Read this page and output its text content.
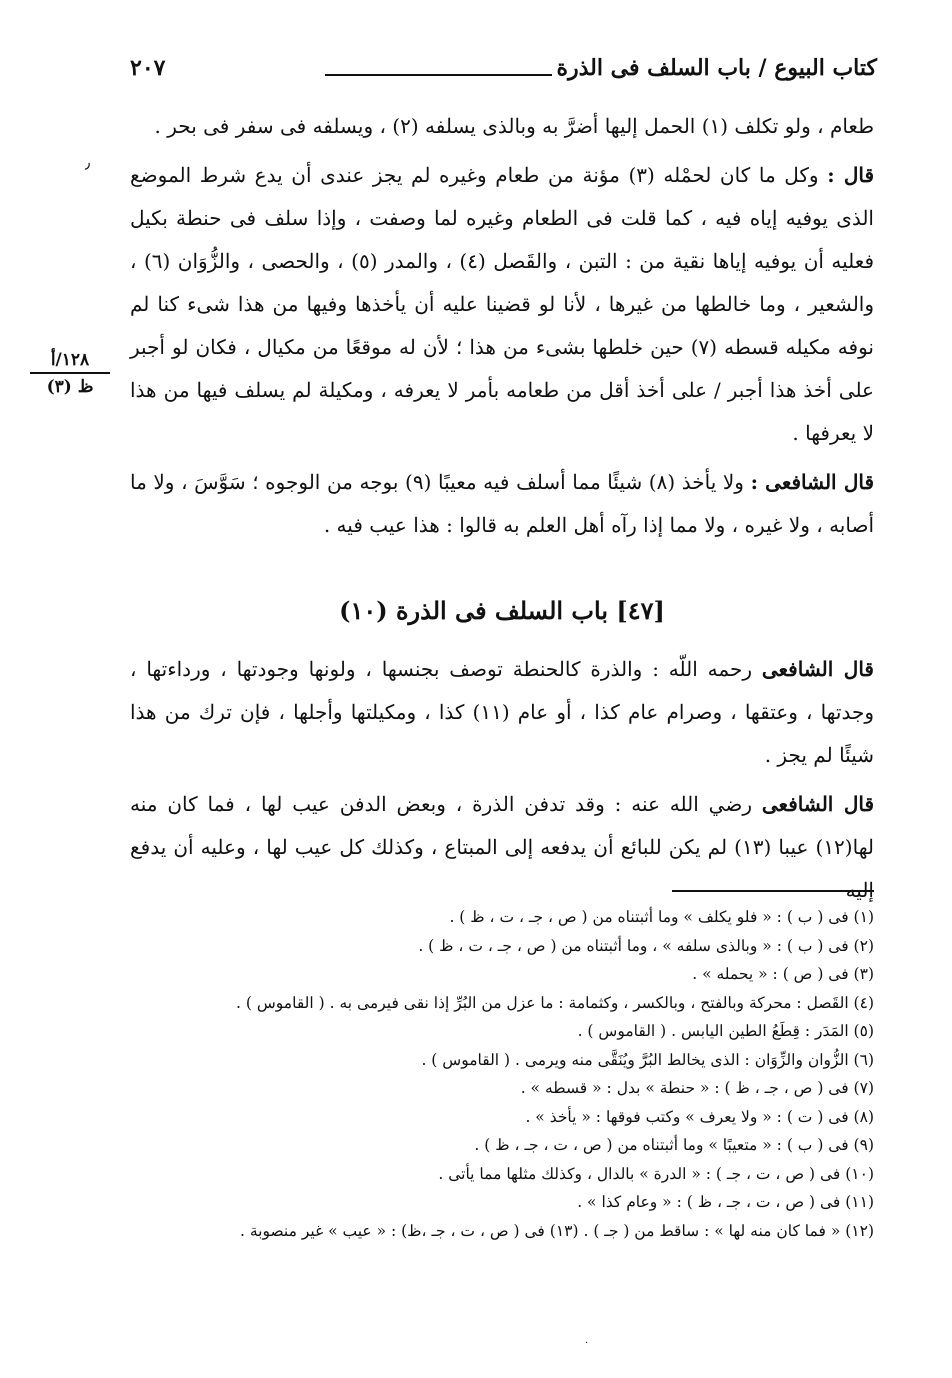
كتاب البيوع / باب السلف فى الذرة
٢٠٧
٫
١٢٨/أ
ظ (٣)

طعام ، ولو تكلف (١) الحمل إليها أضرَّ به وبالذى يسلفه (٢) ، ويسلفه فى سفر فى بحر .

قال : وكل ما كان لحمْله (٣) مؤنة من طعام وغيره لم يجز عندى أن يدع شرط الموضع الذى يوفيه إياه فيه ، كما قلت فى الطعام وغيره لما وصفت ، وإذا سلف فى حنطة بكيل فعليه أن يوفيه إياها نقية من : التبن ، والقَصل (٤) ، والمدر (٥) ، والحصى ، والزُّوَان (٦) ، والشعير ، وما خالطها من غيرها ، لأنا لو قضينا عليه أن يأخذها وفيها من هذا شىء كنا لم نوفه مكيله قسطه (٧) حين خلطها بشىء من هذا ؛ لأن له موقعًا من مكيال ، فكان لو أجبر على أخذ هذا أجبر / على أخذ أقل من طعامه بأمر لا يعرفه ، ومكيلة لم يسلف فيها من هذا لا يعرفها .

قال الشافعى : ولا يأخذ (٨) شيئًا مما أسلف فيه معيبًا (٩) بوجه من الوجوه ؛ سَوَّسَ ، ولا ما أصابه ، ولا غيره ، ولا مما إذا رآه أهل العلم به قالوا : هذا عيب فيه .

[٤٧] باب السلف فى الذرة (١٠)

قال الشافعى رحمه اللّه : والذرة كالحنطة توصف بجنسها ، ولونها وجودتها ، ورداءتها ، وجدتها ، وعتقها ، وصرام عام كذا ، أو عام (١١) كذا ، ومكيلتها وأجلها ، فإن ترك من هذا شيئًا لم يجز .

قال الشافعى رضي الله عنه : وقد تدفن الذرة ، وبعض الدفن عيب لها ، فما كان منه لها(١٢) عيبا (١٣) لم يكن للبائع أن يدفعه إلى المبتاع ، وكذلك كل عيب لها ، وعليه أن يدفع إليه

(١) فى ( ب ) : « فلو يكلف » وما أثبتناه من ( ص ، جـ ، ت ، ظ ) .
(٢) فى ( ب ) : « وبالذى سلفه » ، وما أثبتناه من ( ص ، جـ ، ت ، ظ ) .
(٣) فى ( ص ) : « يحمله » .
(٤) القَصل : محركة وبالفتح ، وبالكسر ، وكثمامة : ما عزل من البُرِّ إذا نقى فيرمى به . ( القاموس ) .
(٥) المَدَر : قِطَعُ الطين اليابس . ( القاموس ) .
(٦) الزُّوان والزِّوَان : الذى يخالط البُرَّ ويُنَقَّى منه ويرمى . ( القاموس ) .
(٧) فى ( ص ، جـ ، ظ ) : « حنطة » بدل : « قسطه » .
(٨) فى ( ت ) : « ولا يعرف » وكتب فوقها : « يأخذ » .
(٩) فى ( ب ) : « متعيبًا » وما أثبتناه من ( ص ، ت ، جـ ، ظ ) .
(١٠) فى ( ص ، ت ، جـ ) : « الدرة » بالدال ، وكذلك مثلها مما يأتى .
(١١) فى ( ص ، ت ، جـ ، ظ ) : « وعام كذا » .
(١٢) « فما كان منه لها » : ساقط من ( جـ ) . (١٣) فى ( ص ، ت ، جـ ،ظ) : « عيب » غير منصوبة .
·
